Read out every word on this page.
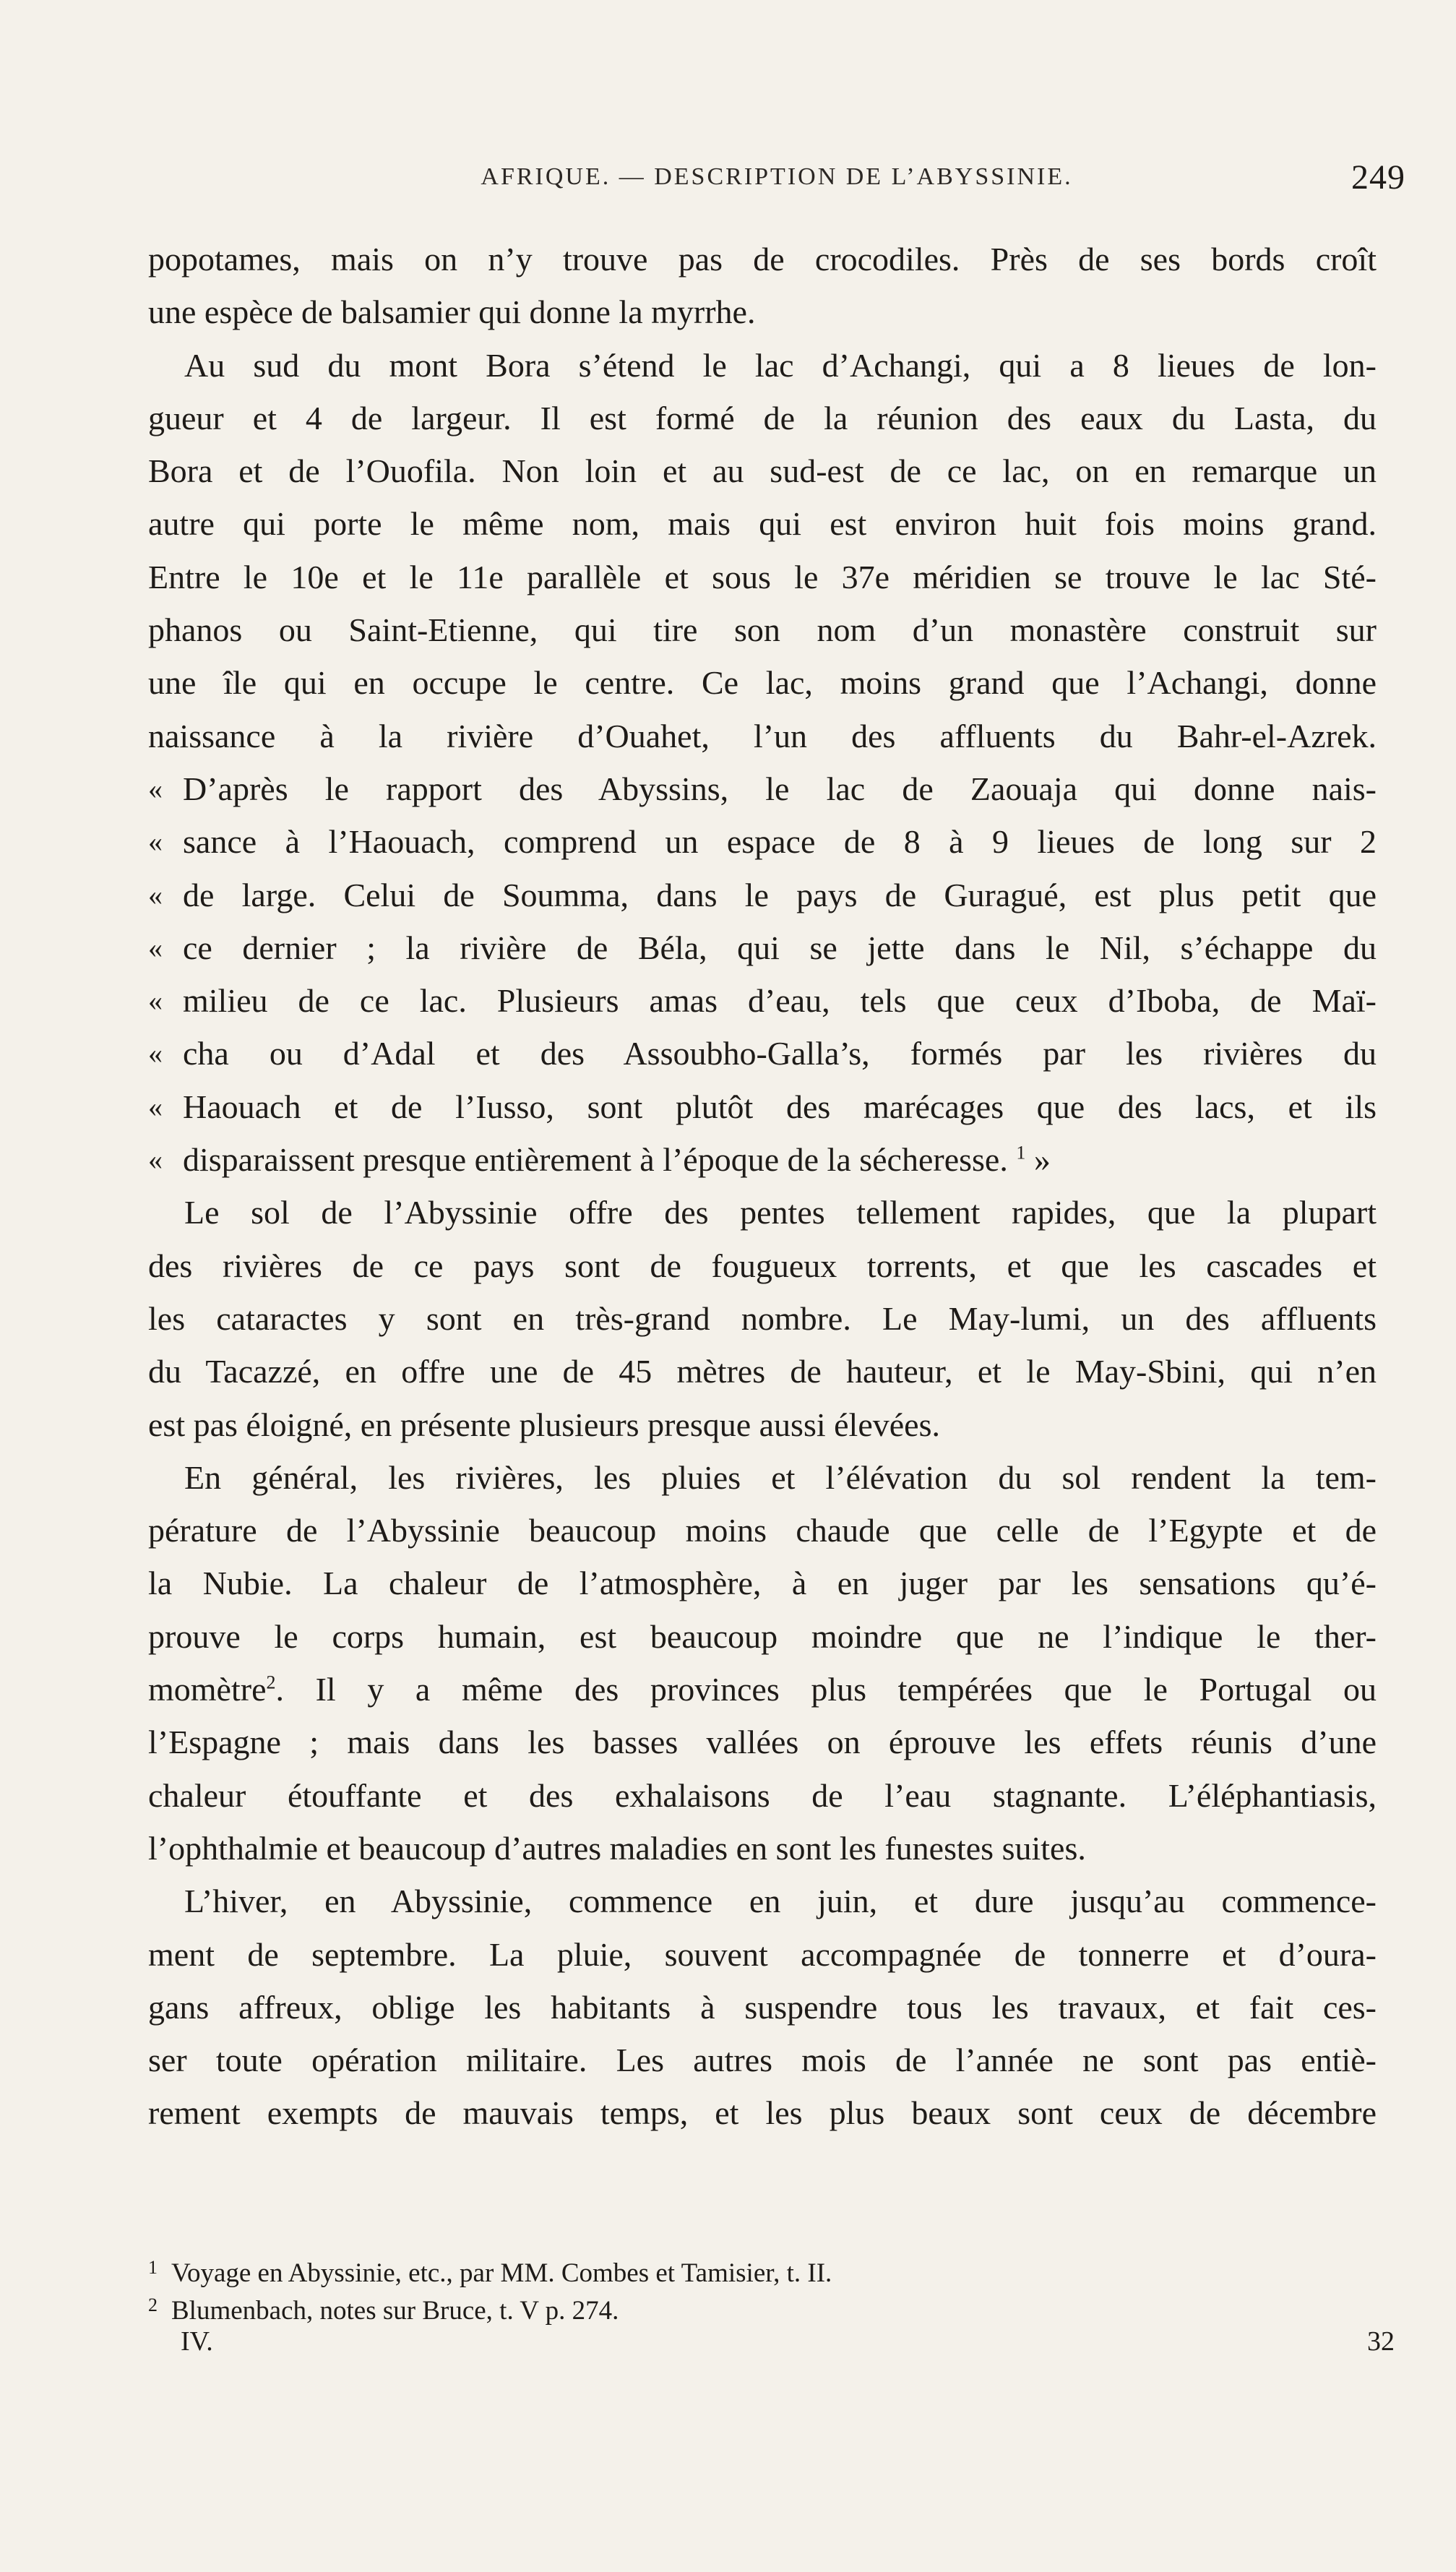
AFRIQUE. — DESCRIPTION DE L’ABYSSINIE.	249
popotames, mais on n’y trouve pas de crocodiles. Près de ses bords croît
une espèce de balsamier qui donne la myrrhe.
Au sud du mont Bora s’étend le lac d’Achangi, qui a 8 lieues de lon-
gueur et 4 de largeur. Il est formé de la réunion des eaux du Lasta, du
Bora et de l’Ouofila. Non loin et au sud-est de ce lac, on en remarque un
autre qui porte le même nom, mais qui est environ huit fois moins grand.
Entre le 10e et le 11e parallèle et sous le 37e méridien se trouve le lac Sté-
phanos ou Saint-Etienne, qui tire son nom d’un monastère construit sur
une île qui en occupe le centre. Ce lac, moins grand que l’Achangi, donne
naissance à la rivière d’Ouahet, l’un des affluents du Bahr-el-Azrek.
« D’après le rapport des Abyssins, le lac de Zaouaja qui donne nais-
« sance à l’Haouach, comprend un espace de 8 à 9 lieues de long sur 2
« de large. Celui de Soumma, dans le pays de Guragué, est plus petit que
« ce dernier ; la rivière de Béla, qui se jette dans le Nil, s’échappe du
« milieu de ce lac. Plusieurs amas d’eau, tels que ceux d’Iboba, de Maï-
« cha ou d’Adal et des Assoubho-Galla’s, formés par les rivières du
« Haouach et de l’Iusso, sont plutôt des marécages que des lacs, et ils
« disparaissent presque entièrement à l’époque de la sécheresse. $^1$ »
Le sol de l’Abyssinie offre des pentes tellement rapides, que la plupart
des rivières de ce pays sont de fougueux torrents, et que les cascades et
les cataractes y sont en très-grand nombre. Le May-lumi, un des affluents
du Tacazzé, en offre une de 45 mètres de hauteur, et le May-Sbini, qui n’en
est pas éloigné, en présente plusieurs presque aussi élevées.
En général, les rivières, les pluies et l’élévation du sol rendent la tem-
pérature de l’Abyssinie beaucoup moins chaude que celle de l’Egypte et de
la Nubie. La chaleur de l’atmosphère, à en juger par les sensations qu’é-
prouve le corps humain, est beaucoup moindre que ne l’indique le ther-
momètre$^2$. Il y a même des provinces plus tempérées que le Portugal ou
l’Espagne ; mais dans les basses vallées on éprouve les effets réunis d’une
chaleur étouffante et des exhalaisons de l’eau stagnante. L’éléphantiasis,
l’ophthalmie et beaucoup d’autres maladies en sont les funestes suites.
L’hiver, en Abyssinie, commence en juin, et dure jusqu’au commence-
ment de septembre. La pluie, souvent accompagnée de tonnerre et d’oura-
gans affreux, oblige les habitants à suspendre tous les travaux, et fait ces-
ser toute opération militaire. Les autres mois de l’année ne sont pas entiè-
rement exempts de mauvais temps, et les plus beaux sont ceux de décembre
1 Voyage en Abyssinie, etc., par MM. Combes et Tamisier, t. II.
2 Blumenbach, notes sur Bruce, t. V p. 274.
IV.	32
